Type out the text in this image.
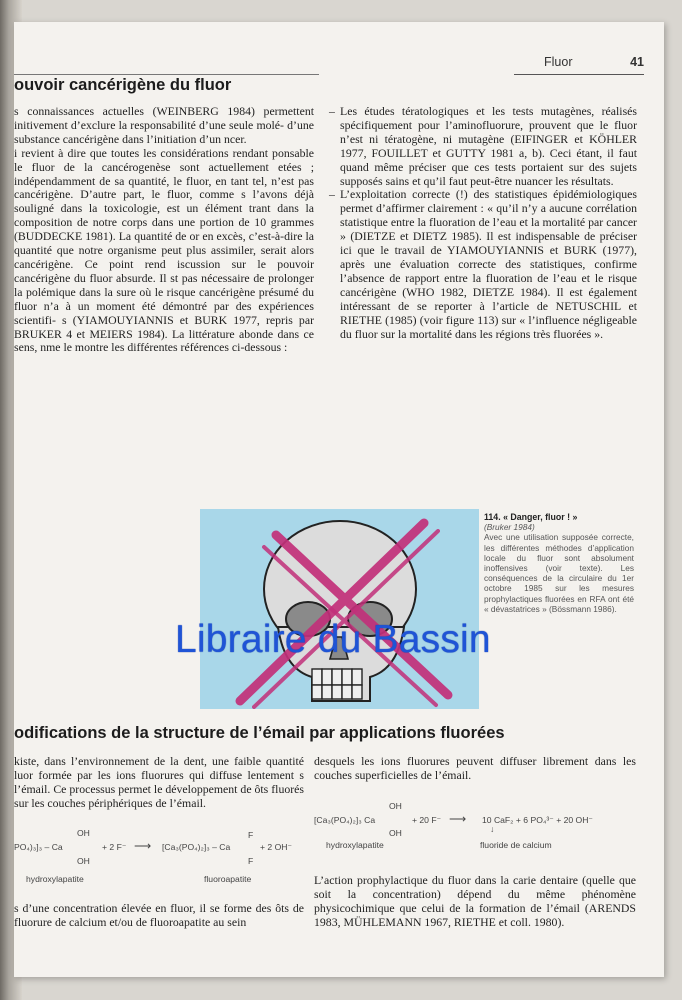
Fluor	41
ouvoir cancérigène du fluor

s connaissances actuelles (WEINBERG 1984) permettent initivement d’exclure la responsabilité d’une seule molé- d’une substance cancérigène dans l’initiation d’un ncer.

i revient à dire que toutes les considérations rendant ponsable le fluor de la cancérogenèse sont actuellement etées ; indépendamment de sa quantité, le fluor, en tant tel, n’est pas cancérigène. D’autre part, le fluor, comme s l’avons déjà souligné dans la toxicologie, est un élément trant dans la composition de notre corps dans une portion de 10 grammes (BUDDECKE 1981). La quantité de or en excès, c’est-à-dire la quantité que notre organisme peut plus assimiler, serait alors cancérigène. Ce point rend iscussion sur le pouvoir cancérigène du fluor absurde. Il st pas nécessaire de prolonger la polémique dans la sure où le risque cancérigène présumé du fluor n’a à un moment été démontré par des expériences scientifi- s (YIAMOUYIANNIS et BURK 1977, repris par BRUKER 4 et MEIERS 1984). La littérature abonde dans ce sens, nme le montre les différentes références ci-dessous :

– Les études tératologiques et les tests mutagènes, réalisés spécifiquement pour l’aminofluorure, prouvent que le fluor n’est ni tératogène, ni mutagène (EIFINGER et KÖHLER 1977, FOUILLET et GUTTY 1981 a, b). Ceci étant, il faut quand même préciser que ces tests portaient sur des sujets supposés sains et qu’il faut peut-être nuancer les résultats.
– L’exploitation correcte (!) des statistiques épidémiologiques permet d’affirmer clairement : « qu’il n’y a aucune corrélation statistique entre la fluoration de l’eau et la mortalité par cancer » (DIETZE et DIETZ 1985). Il est indispensable de préciser ici que le travail de YIAMOUYIANNIS et BURK (1977), après une évaluation correcte des statistiques, confirme l’absence de rapport entre la fluoration de l’eau et le risque cancérigène (WHO 1982, DIETZE 1984). Il est également intéressant de se reporter à l’article de NETUSCHIL et RIETHE (1985) (voir figure 113) sur « l’influence négligeable du fluor sur la mortalité dans les régions très fluorées ».
114. « Danger, fluor ! »
(Bruker 1984)
Avec une utilisation supposée correcte, les différentes méthodes d’application locale du fluor sont absolument inoffensives (voir texte). Les conséquences de la circulaire du 1er octobre 1985 sur les mesures prophylactiques fluorées en RFA ont été « dévastatrices » (Bössmann 1986).
Libraire du Bassin
odifications de la structure de l’émail par applications fluorées

kiste, dans l’environnement de la dent, une faible quantité luor formée par les ions fluorures qui diffuse lentement s l’émail. Ce processus permet le développement de ôts fluorés sur les couches périphériques de l’émail.

desquels les ions fluorures peuvent diffuser librement dans les couches superficielles de l’émail.

PO₄)₃]₃ – Ca
OH
OH
+ 2 F⁻ ⟶ [Ca₃(PO₄)₂]₃ – Ca
F
F
+ 2 OH⁻
hydroxylapatite	fluoroapatite
[Ca₃(PO₄)₂]₃ Ca
OH
OH
+ 20 F⁻ ⟶ 10 CaF₂ + 6 PO₄³⁻ + 20 OH⁻
↓
hydroxylapatite	fluoride de calcium

s d’une concentration élevée en fluor, il se forme des ôts de fluorure de calcium et/ou de fluoroapatite au sein

L’action prophylactique du fluor dans la carie dentaire (quelle que soit la concentration) dépend du même phénomène physicochimique que celui de la formation de l’émail (ARENDS 1983, MÜHLEMANN 1967, RIETHE et coll. 1980).
